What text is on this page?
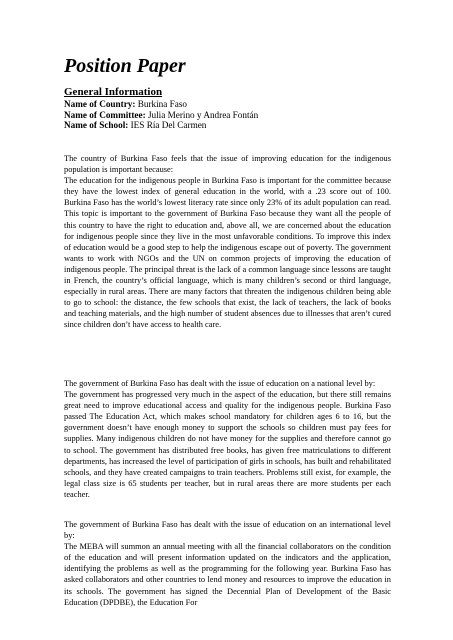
Position Paper
General Information
Name of Country: Burkina Faso
Name of Committee: Julia Merino y Andrea Fontán
Name of School: IES Ría Del Carmen

The country of Burkina Faso feels that the issue of improving education for the indigenous population is important because:

The education for the indigenous people in Burkina Faso is important for the committee because they have the lowest index of general education in the world, with a .23 score out of 100. Burkina Faso has the world’s lowest literacy rate since only 23% of its adult population can read. This topic is important to the government of Burkina Faso because they want all the people of this country to have the right to education and, above all, we are concerned about the education for indigenous people since they live in the most unfavorable conditions. To improve this index of education would be a good step to help the indigenous escape out of poverty. The government wants to work with NGOs and the UN on common projects of improving the education of indigenous people. The principal threat is the lack of a common language since lessons are taught in French, the country’s official language, which is many children’s second or third language, especially in rural areas. There are many factors that threaten the indigenous children being able to go to school: the distance, the few schools that exist, the lack of teachers, the lack of books and teaching materials, and the high number of student absences due to illnesses that aren’t cured since children don’t have access to health care.

The government of Burkina Faso has dealt with the issue of education on a national level by:

The government has progressed very much in the aspect of the education, but there still remains great need to improve educational access and quality for the indigenous people. Burkina Faso passed The Education Act, which makes school mandatory for children ages 6 to 16, but the government doesn’t have enough money to support the schools so children must pay fees for supplies. Many indigenous children do not have money for the supplies and therefore cannot go to school. The government has distributed free books, has given free matriculations to different departments, has increased the level of participation of girls in schools, has built and rehabilitated schools, and they have created campaigns to train teachers. Problems still exist, for example, the legal class size is 65 students per teacher, but in rural areas there are more students per each teacher.

The government of Burkina Faso has dealt with the issue of education on an international level by:

The MEBA will summon an annual meeting with all the financial collaborators on the condition of the education and will present information updated on the indicators and the application, identifying the problems as well as the programming for the following year. Burkina Faso has asked collaborators and other countries to lend money and resources to improve the education in its schools. The government has signed the Decennial Plan of Development of the Basic Education (DPDBE), the Education For
